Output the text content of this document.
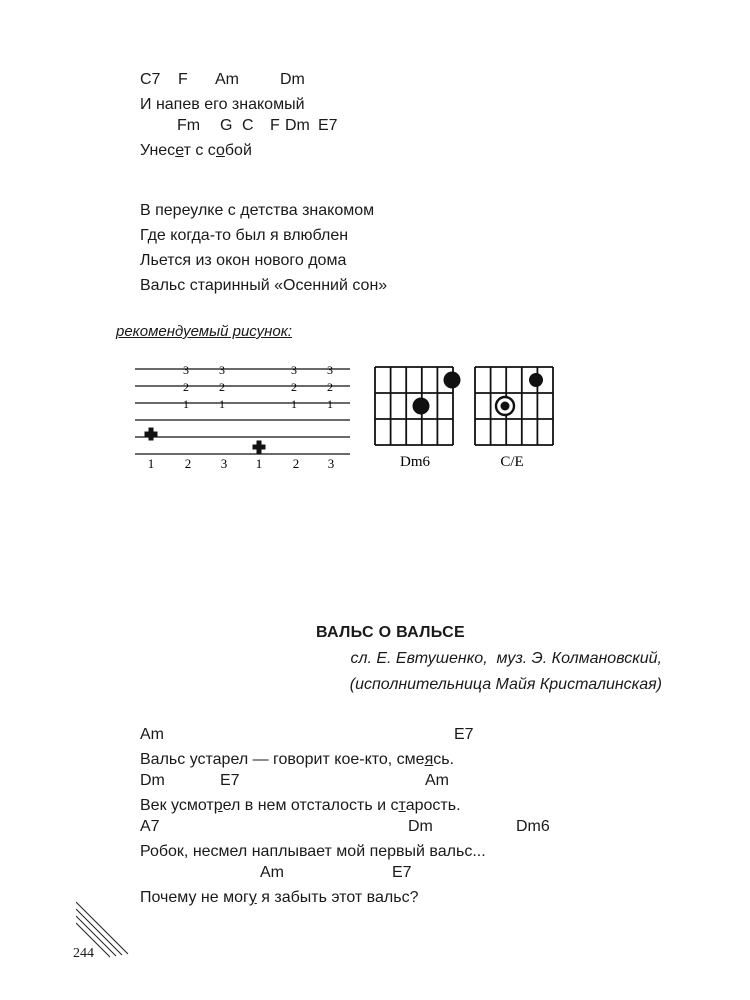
C7 F Am	Dm
И напев его знакомый
Fm G C F Dm E7
Унесет с собой
В переулке с детства знакомом
Где когда-то был я влюблен
Льется из окон нового дома
Вальс старинный «Осенний сон»
рекомендуемый рисунок:
3
2
1
3
2
1
3
2
1
3
2
1
1 2 3 1 2 3	Dm6	C/E
ВАЛЬС О ВАЛЬСЕ
сл. Е. Евтушенко,  муз. Э. Колмановский,
(исполнительница Майя Кристалинская)
Am	E7
Вальс устарел — говорит кое-кто, смеясь.
Dm	E7	Am
Век усмотрел в нем отсталость и старость.
A7	Dm	Dm6
Робок, несмел наплывает мой первый вальс...
Am	E7
Почему не могу я забыть этот вальс?
244
